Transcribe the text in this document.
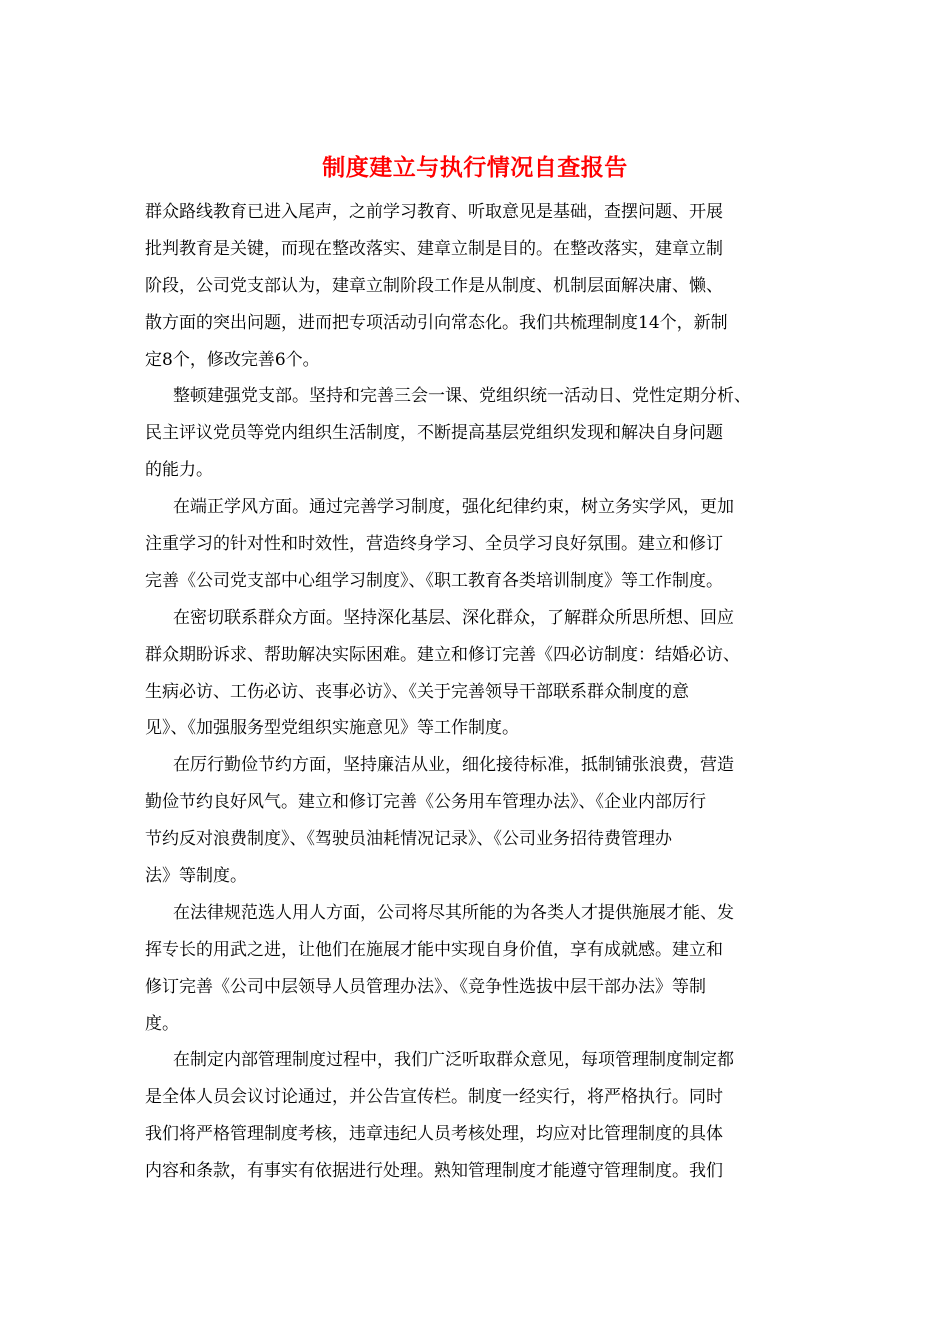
制度建立与执行情况自查报告
群众路线教育已进入尾声，之前学习教育、听取意见是基础，查摆问题、开展
批判教育是关键，而现在整改落实、建章立制是目的。在整改落实，建章立制
阶段，公司党支部认为，建章立制阶段工作是从制度、机制层面解决庸、懒、
散方面的突出问题，进而把专项活动引向常态化。我们共梳理制度14个，新制
定8个，修改完善6个。
整顿建强党支部。坚持和完善三会一课、党组织统一活动日、党性定期分析、
民主评议党员等党内组织生活制度，不断提高基层党组织发现和解决自身问题
的能力。
在端正学风方面。通过完善学习制度，强化纪律约束，树立务实学风，更加
注重学习的针对性和时效性，营造终身学习、全员学习良好氛围。建立和修订
完善《公司党支部中心组学习制度》、《职工教育各类培训制度》等工作制度。
在密切联系群众方面。坚持深化基层、深化群众，了解群众所思所想、回应
群众期盼诉求、帮助解决实际困难。建立和修订完善《四必访制度：结婚必访、
生病必访、工伤必访、丧事必访》、《关于完善领导干部联系群众制度的意
见》、《加强服务型党组织实施意见》等工作制度。
在厉行勤俭节约方面，坚持廉洁从业，细化接待标准，抵制铺张浪费，营造
勤俭节约良好风气。建立和修订完善《公务用车管理办法》、《企业内部厉行
节约反对浪费制度》、《驾驶员油耗情况记录》、《公司业务招待费管理办
法》等制度。
在法律规范选人用人方面，公司将尽其所能的为各类人才提供施展才能、发
挥专长的用武之进，让他们在施展才能中实现自身价值，享有成就感。建立和
修订完善《公司中层领导人员管理办法》、《竞争性选拔中层干部办法》等制
度。
在制定内部管理制度过程中，我们广泛听取群众意见，每项管理制度制定都
是全体人员会议讨论通过，并公告宣传栏。制度一经实行，将严格执行。同时
我们将严格管理制度考核，违章违纪人员考核处理，均应对比管理制度的具体
内容和条款，有事实有依据进行处理。熟知管理制度才能遵守管理制度。我们
